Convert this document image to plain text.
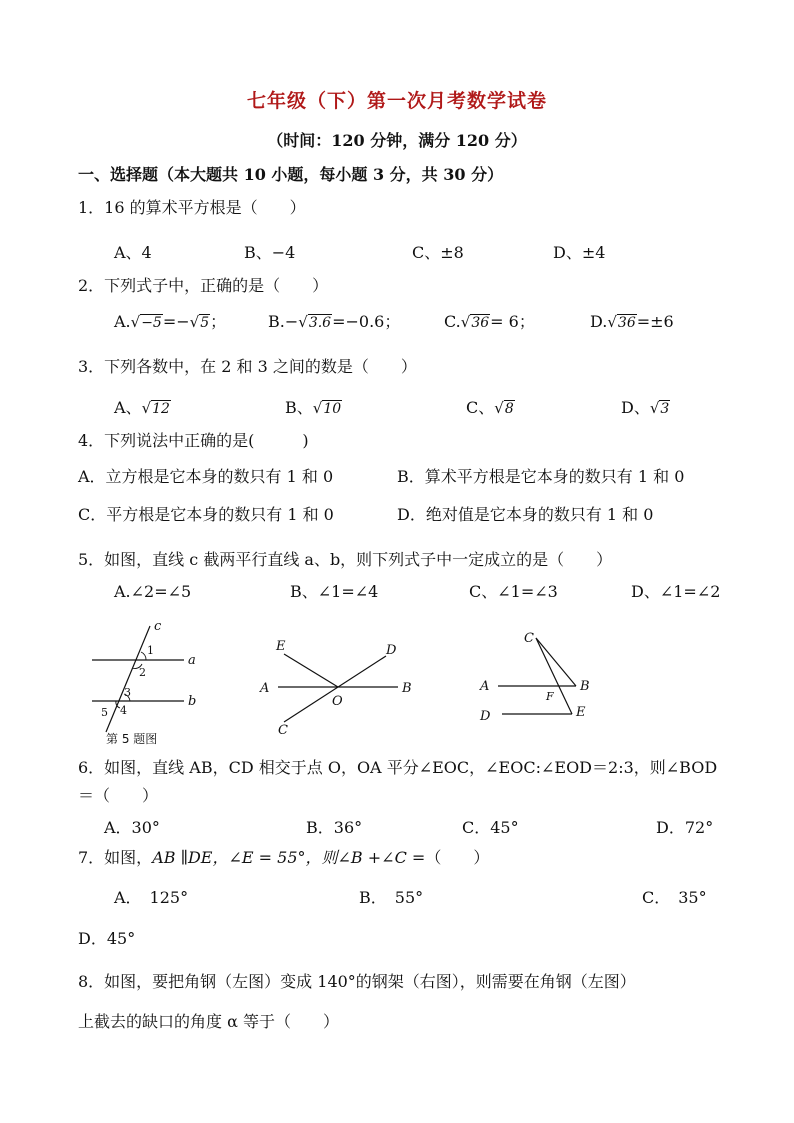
七年级（下）第一次月考数学试卷
（时间：120 分钟，满分 120 分）
一、选择题（本大题共 10 小题，每小题 3 分，共 30 分）
1．16 的算术平方根是（　　）
A、4	B、−4	C、±8	D、±4
2．下列式子中，正确的是（　　）
A.√−5=−√5；	B.−√3.6=−0.6；	C.√36= 6；	D.√36=±6
3．下列各数中，在 2 和 3 之间的数是（　　）
A、√12	B、√10	C、√8	D、√3
4．下列说法中正确的是(　　　)
A．立方根是它本身的数只有 1 和 0	B．算术平方根是它本身的数只有 1 和 0
C．平方根是它本身的数只有 1 和 0	D．绝对值是它本身的数只有 1 和 0
5．如图，直线 c 截两平行直线 a、b，则下列式子中一定成立的是（　　）
A.∠2=∠5	B、∠1=∠4	C、∠1=∠3	D、∠1=∠2
c
a
b
1
2
3
4
5
第 5 题图
E	D
A
O
B
C
C
A
F
B
D	E
6．如图，直线 AB，CD 相交于点 O，OA 平分∠EOC，∠EOC:∠EOD＝2:3，则∠BOD
＝（　　）
A．30°	B．36°	C．45°	D．72°
7．如图，AB ∥DE，∠E = 55°，则∠B +∠C =（　　）
A．　125°	B．　55°	C．　35°
D．45°
8．如图，要把角钢（左图）变成 140°的钢架（右图），则需要在角钢（左图）
上截去的缺口的角度 α 等于（　　）
